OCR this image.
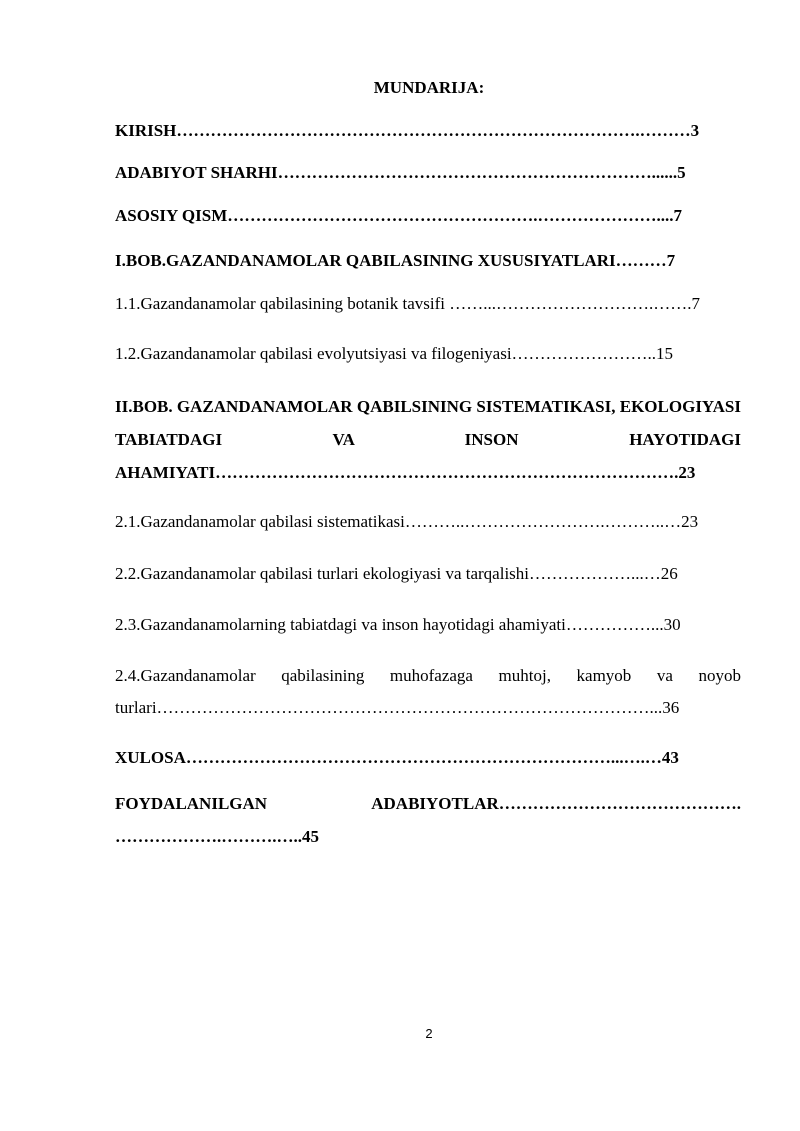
MUNDARIJA:
KIRISH……………………………………………………………………….………3
ADABIYOT SHARHI…………………………………………………………......5
ASOSIY QISM……………………………………………….…………………....7
I.BOB.GAZANDANAMOLAR QABILASINING XUSUSIYATLARI………7
1.1.Gazandanamolar qabilasining botanik tavsifi ……...……………………….…….7
1.2.Gazandanamolar qabilasi evolyutsiyasi va filogeniyasi……………………..15
II.BOB. GAZANDANAMOLAR QABILSINING SISTEMATIKASI, EKOLOGIYASI TABIATDAGI VA INSON HAYOTIDAGI AHAMIYATI……………………………………………………………………….23
2.1.Gazandanamolar qabilasi sistematikasi………..…………………….………..…23
2.2.Gazandanamolar qabilasi turlari ekologiyasi va tarqalishi………………...…26
2.3.Gazandanamolarning tabiatdagi va inson hayotidagi ahamiyati……………...30
2.4.Gazandanamolar qabilasining muhofazaga muhtoj, kamyob va noyob turlari……………………………………………………………………………...36
XULOSA…………………………………………………………………...….…43
FOYDALANILGAN ADABIYOTLAR……………………………………. ……………….……….…..45
2
